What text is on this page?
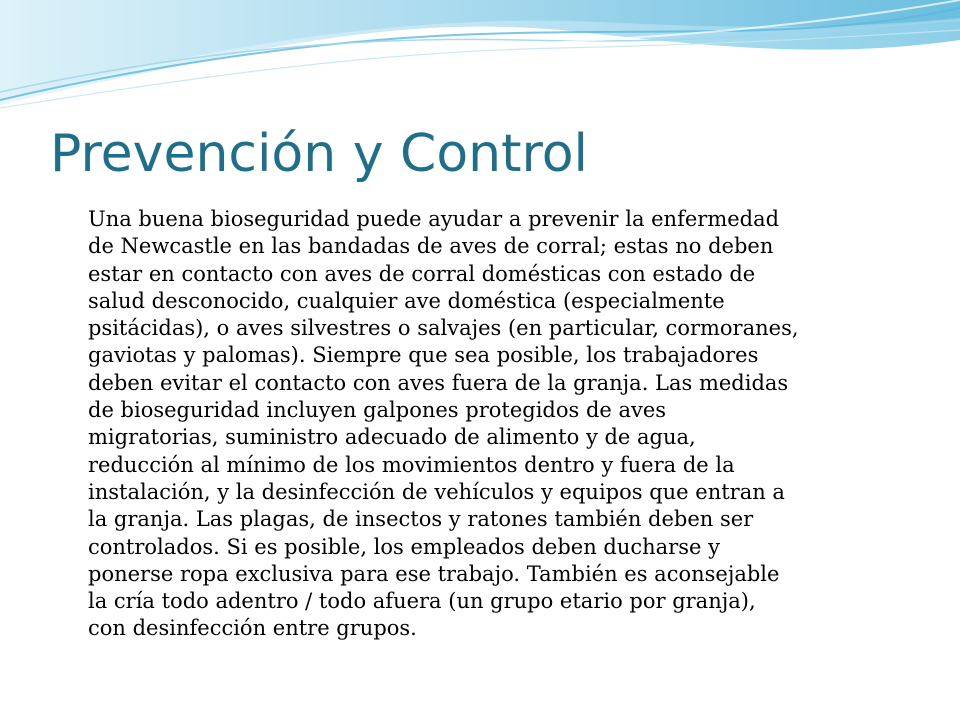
Prevención y Control

Una buena bioseguridad puede ayudar a prevenir la enfermedad
de Newcastle en las bandadas de aves de corral; estas no deben
estar en contacto con aves de corral domésticas con estado de
salud desconocido, cualquier ave doméstica (especialmente
psitácidas), o aves silvestres o salvajes (en particular, cormoranes,
gaviotas y palomas). Siempre que sea posible, los trabajadores
deben evitar el contacto con aves fuera de la granja. Las medidas
de bioseguridad incluyen galpones protegidos de aves
migratorias, suministro adecuado de alimento y de agua,
reducción al mínimo de los movimientos dentro y fuera de la
instalación, y la desinfección de vehículos y equipos que entran a
la granja. Las plagas, de insectos y ratones también deben ser
controlados. Si es posible, los empleados deben ducharse y
ponerse ropa exclusiva para ese trabajo. También es aconsejable
la cría todo adentro / todo afuera (un grupo etario por granja),
con desinfección entre grupos.
